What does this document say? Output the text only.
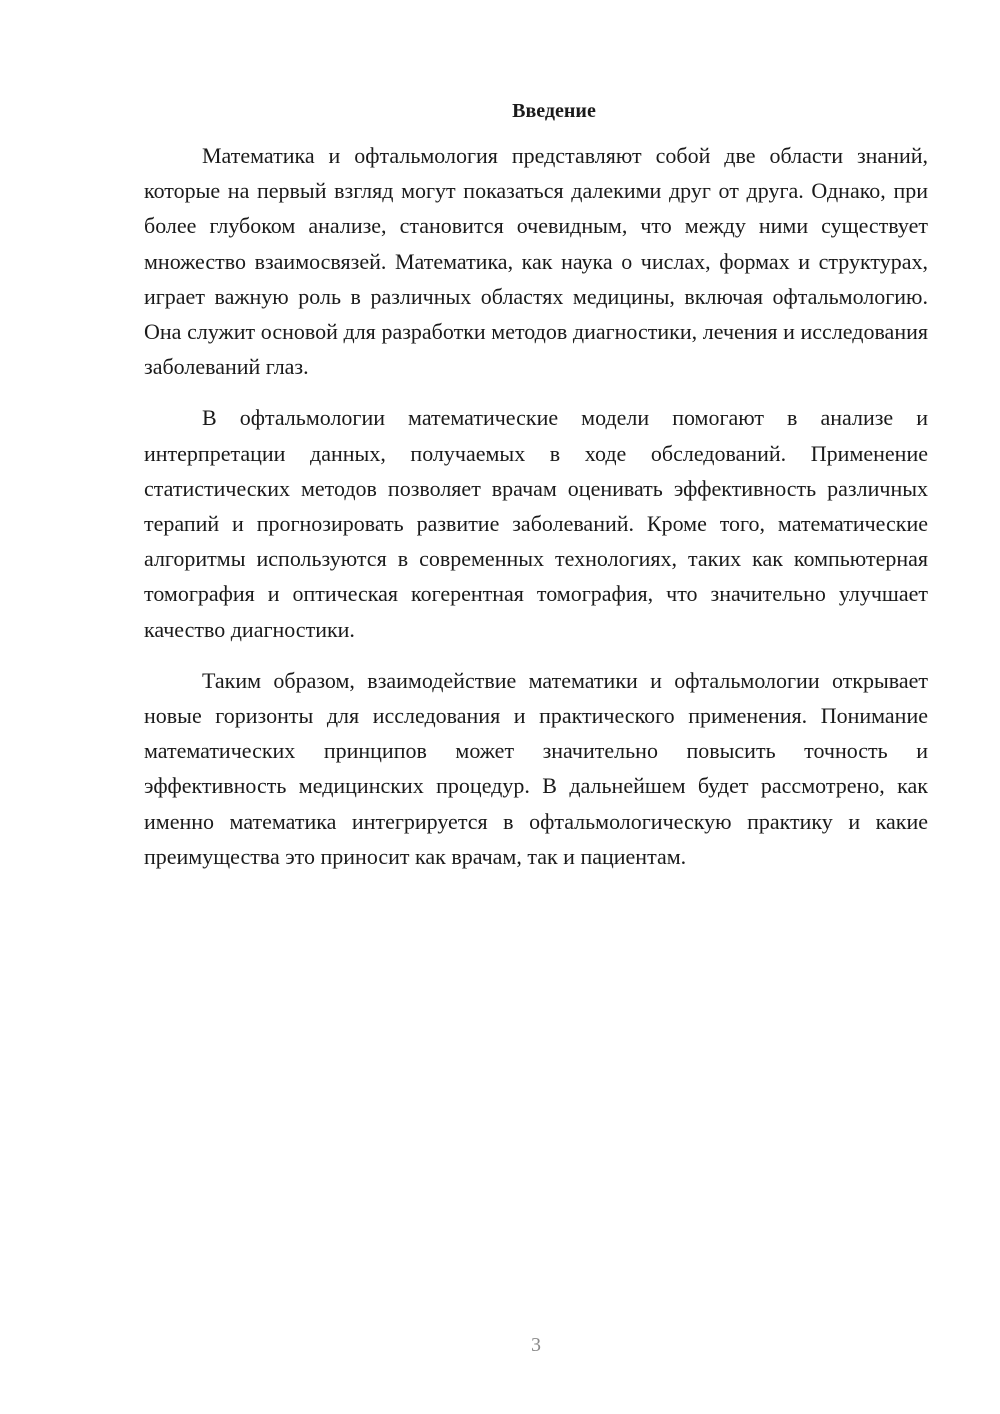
Введение

Математика и офтальмология представляют собой две области знаний, которые на первый взгляд могут показаться далекими друг от друга. Однако, при более глубоком анализе, становится очевидным, что между ними существует множество взаимосвязей. Математика, как наука о числах, формах и структурах, играет важную роль в различных областях медицины, включая офтальмологию. Она служит основой для разработки методов диагностики, лечения и исследования заболеваний глаз.

В офтальмологии математические модели помогают в анализе и интерпретации данных, получаемых в ходе обследований. Применение статистических методов позволяет врачам оценивать эффективность различных терапий и прогнозировать развитие заболеваний. Кроме того, математические алгоритмы используются в современных технологиях, таких как компьютерная томография и оптическая когерентная томография, что значительно улучшает качество диагностики.

Таким образом, взаимодействие математики и офтальмологии открывает новые горизонты для исследования и практического применения. Понимание математических принципов может значительно повысить точность и эффективность медицинских процедур. В дальнейшем будет рассмотрено, как именно математика интегрируется в офтальмологическую практику и какие преимущества это приносит как врачам, так и пациентам.

3
